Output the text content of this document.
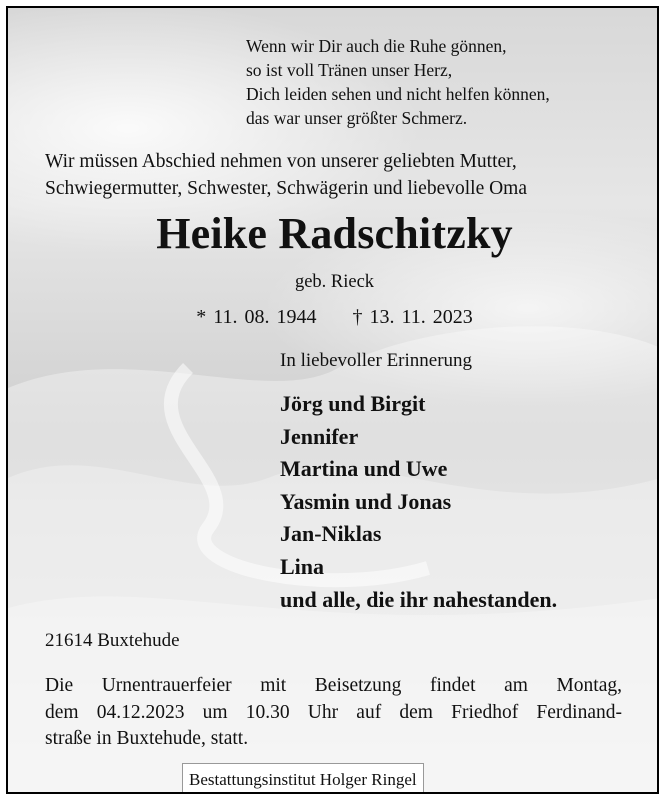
Wenn wir Dir auch die Ruhe gönnen,
so ist voll Tränen unser Herz,
Dich leiden sehen und nicht helfen können,
das war unser größter Schmerz.
Wir müssen Abschied nehmen von unserer geliebten Mutter,
Schwiegermutter, Schwester, Schwägerin und liebevolle Oma
Heike Radschitzky
geb. Rieck
* 11. 08. 1944 † 13. 11. 2023
In liebevoller Erinnerung
Jörg und Birgit
Jennifer
Martina und Uwe
Yasmin und Jonas
Jan-Niklas
Lina
und alle, die ihr nahestanden.
21614 Buxtehude
Die Urnentrauerfeier mit Beisetzung findet am Montag,
dem 04.12.2023 um 10.30 Uhr auf dem Friedhof Ferdinand-
straße in Buxtehude, statt.
Bestattungsinstitut Holger Ringel
